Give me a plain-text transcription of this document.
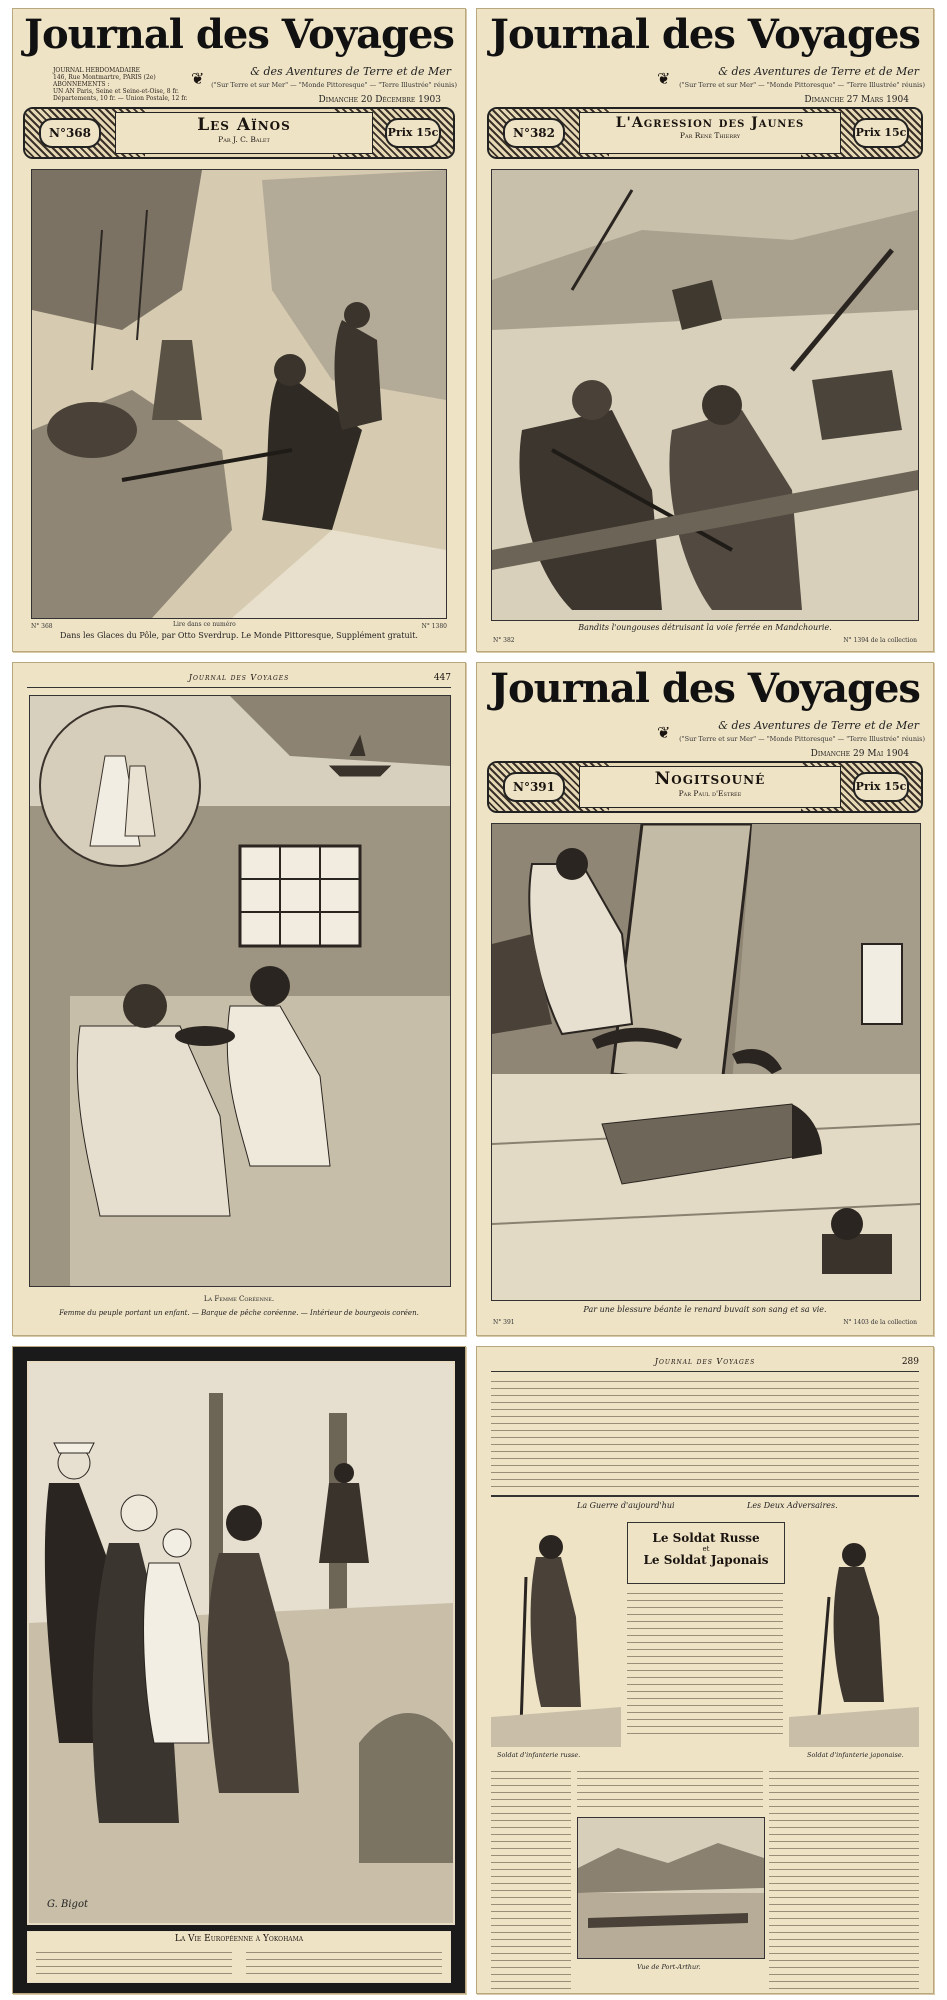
Journal des Voyages
JOURNAL HEBDOMADAIRE
146, Rue Montmartre, PARIS (2e)
ABONNEMENTS :
UN AN Paris, Seine et Seine-et-Oise, 8 fr.
Départements, 10 fr. — Union Postale, 12 fr.
❦	& des Aventures de Terre et de Mer
("Sur Terre et sur Mer" — "Monde Pittoresque" — "Terre Illustrée" réunis)
Dimanche 20 Décembre 1903
N°368	Les Aïnos
Par J. C. Balet
Prix 15c
N° 368	Lire dans ce numéro
Dans les Glaces du Pôle, par Otto Sverdrup. Le Monde Pittoresque, Supplément gratuit.
N° 1380
Journal des Voyages
❦	& des Aventures de Terre et de Mer
("Sur Terre et sur Mer" — "Monde Pittoresque" — "Terre Illustrée" réunis)
Dimanche 27 Mars 1904
N°382
L'Agression des Jaunes
Par René Thierry	Prix 15c
Bandits l'oungouses détruisant la voie ferrée en Mandchourie.
N° 382	N° 1394 de la collection
Journal des Voyages	447
La Femme Coréenne.
Femme du peuple portant un enfant. — Barque de pêche coréenne. — Intérieur de bourgeois coréen.
Journal des Voyages
❦	& des Aventures de Terre et de Mer
("Sur Terre et sur Mer" — "Monde Pittoresque" — "Terre Illustrée" réunis)
Dimanche 29 Mai 1904
N°391	Nogitsouné
Par Paul d'Estrée
Prix 15c
Par une blessure béante le renard buvait son sang et sa vie.
N° 391	N° 1403 de la collection
G. Bigot
La Vie Européenne à Yokohama
Journal des Voyages	289
La Guerre d'aujourd'hui	Les Deux Adversaires.
Le Soldat Russe
et
Le Soldat Japonais
Soldat d'infanterie russe.	Soldat d'infanterie japonaise.
Vue de Port-Arthur.
